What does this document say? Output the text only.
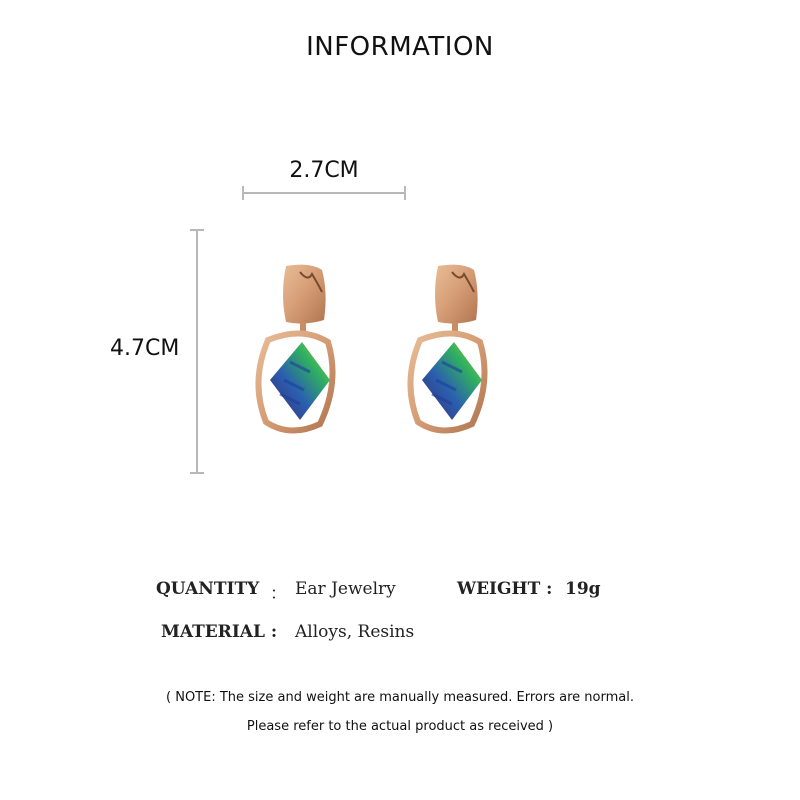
INFORMATION
2.7CM
4.7CM
QUANTITY ： Ear Jewelry	WEIGHT : 19g
MATERIAL : Alloys, Resins
( NOTE: The size and weight are manually measured. Errors are normal.
Please refer to the actual product as received )
